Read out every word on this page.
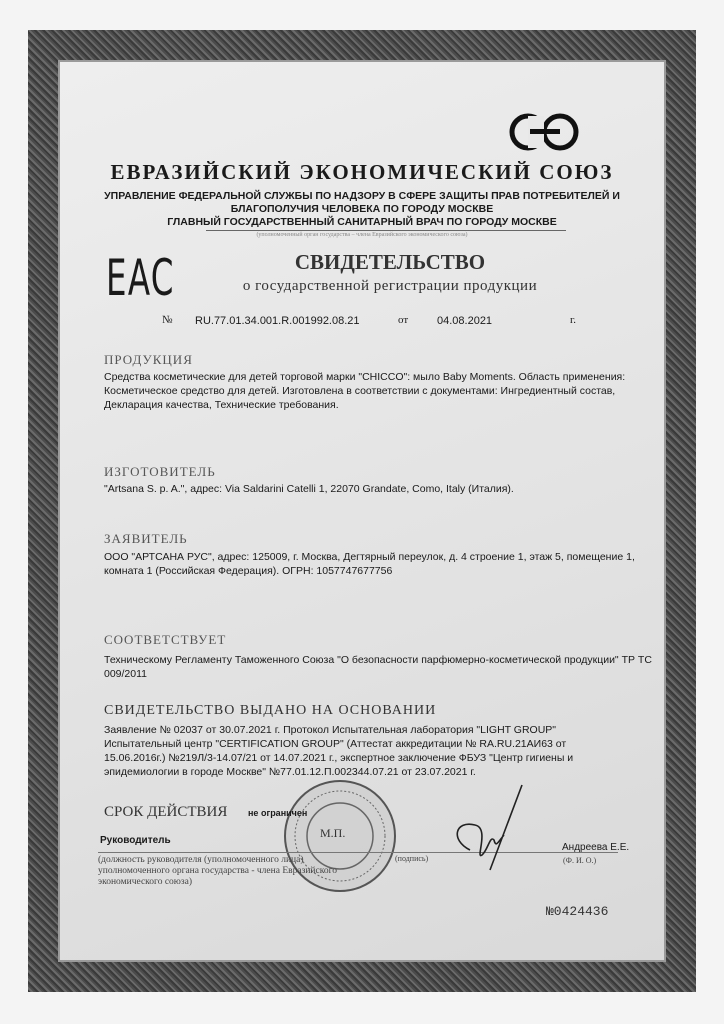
ЕВРАЗИЙСКИЙ ЭКОНОМИЧЕСКИЙ СОЮЗ
УПРАВЛЕНИЕ ФЕДЕРАЛЬНОЙ СЛУЖБЫ ПО НАДЗОРУ В СФЕРЕ ЗАЩИТЫ ПРАВ ПОТРЕБИТЕЛЕЙ И
БЛАГОПОЛУЧИЯ ЧЕЛОВЕКА ПО ГОРОДУ МОСКВЕ
ГЛАВНЫЙ ГОСУДАРСТВЕННЫЙ САНИТАРНЫЙ ВРАЧ ПО ГОРОДУ МОСКВЕ
(уполномоченный орган государства – члена Евразийского экономического союза)
EAC	СВИДЕТЕЛЬСТВО
о государственной регистрации продукции
№ RU.77.01.34.001.R.001992.08.21	от	04.08.2021	г.
ПРОДУКЦИЯ
Средства косметические для детей торговой марки "CHICCO": мыло Baby Moments. Область применения: Косметическое средство для детей. Изготовлена в соответствии с документами: Ингредиентный состав, Декларация качества, Технические требования.
ИЗГОТОВИТЕЛЬ
"Artsana S. p. A.", адрес: Via Saldarini Catelli 1, 22070 Grandate, Como, Italy (Италия).
ЗАЯВИТЕЛЬ
ООО "АРТСАНА РУС", адрес: 125009, г. Москва, Дегтярный переулок, д. 4 строение 1, этаж 5, помещение 1, комната 1 (Российская Федерация). ОГРН: 1057747677756
СООТВЕТСТВУЕТ
Техническому Регламенту Таможенного Союза "О безопасности парфюмерно-косметической продукции" ТР ТС 009/2011
СВИДЕТЕЛЬСТВО ВЫДАНО НА ОСНОВАНИИ
Заявление № 02037 от 30.07.2021 г. Протокол Испытательная лаборатория "LIGHT GROUP" Испытательный центр "CERTIFICATION GROUP" (Аттестат аккредитации № RA.RU.21АИ63 от 15.06.2016г.) №219Л/3-14.07/21 от 14.07.2021 г., экспертное заключение ФБУЗ "Центр гигиены и эпидемиологии в городе Москве" №77.01.12.П.002344.07.21 от 23.07.2021 г.
М.П.
СРОК ДЕЙСТВИЯ не ограничен
Руководитель
(должность руководителя (уполномоченного лица) уполномоченного органа государства - члена Евразийского экономического союза)
(подпись)
Андреева Е.Е.
(Ф. И. О.)
№0424436
